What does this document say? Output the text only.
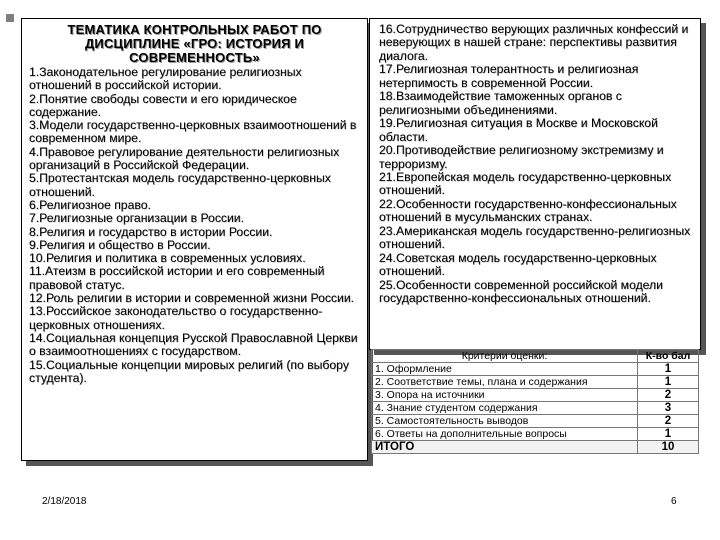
ТЕМАТИКА КОНТРОЛЬНЫХ РАБОТ ПО ДИСЦИПЛИНЕ «ГРО: ИСТОРИЯ И СОВРЕМЕННОСТЬ»
1.Законодательное регулирование религиозных отношений в российской истории.
2.Понятие свободы совести и его юридическое содержание.
3.Модели государственно-церковных взаимоотношений в современном мире.
4.Правовое регулирование деятельности религиозных организаций в Российской Федерации.
5.Протестантская модель государственно-церковных отношений.
6.Религиозное право.
7.Религиозные организации в России.
8.Религия и государство в истории России.
9.Религия и общество в России.
10.Религия и политика в современных условиях.
11.Атеизм в российской истории и его современный правовой статус.
12.Роль религии в истории и современной жизни России.
13.Российское законодательство о государственно-церковных отношениях.
14.Социальная концепция Русской Православной Церкви о взаимоотношениях с государством.
15.Социальные концепции мировых религий (по выбору студента).
16.Сотрудничество верующих различных конфессий и неверующих в нашей стране: перспективы развития диалога.
17.Религиозная толерантность и религиозная нетерпимость в современной России.
18.Взаимодействие таможенных органов с религиозными объединениями.
19.Религиозная ситуация в Москве и Московской области.
20.Противодействие религиозному экстремизму и терроризму.
21.Европейская модель государственно-церковных отношений.
22.Особенности государственно-конфессиональных отношений в мусульманских странах.
23.Американская модель государственно-религиозных отношений.
24.Советская модель государственно-церковных отношений.
25.Особенности современной российской модели государственно-конфессиональных отношений.
Критерии оценки:	К-во бал
1. Оформление	1
2. Соответствие темы, плана и содержания	1
3. Опора на источники	2
4. Знание студентом содержания	3
5. Самостоятельность выводов	2
6. Ответы на дополнительные вопросы	1
ИТОГО	10
2/18/2018	6
